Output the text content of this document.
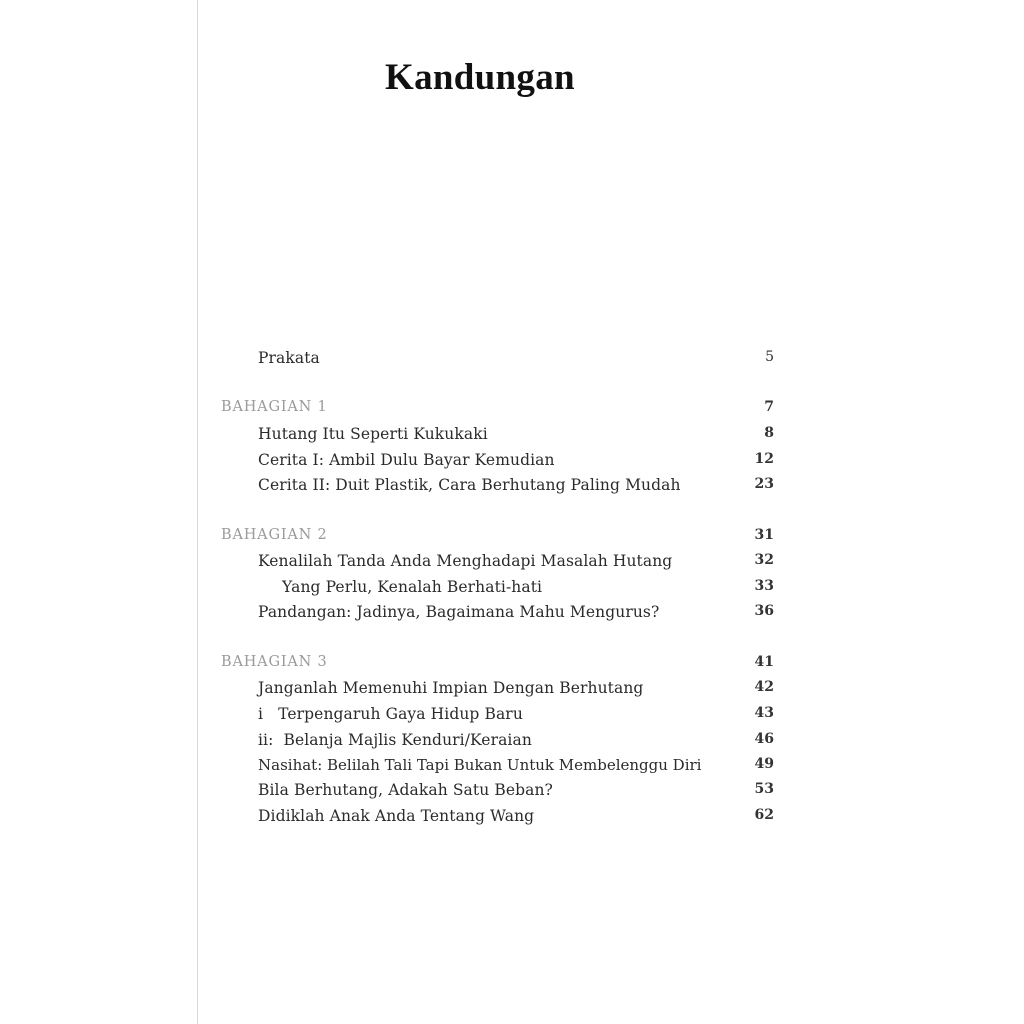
Kandungan
Prakata	5
BAHAGIAN 1	7
Hutang Itu Seperti Kukukaki	8
Cerita I: Ambil Dulu Bayar Kemudian	12
Cerita II: Duit Plastik, Cara Berhutang Paling Mudah	23
BAHAGIAN 2	31
Kenalilah Tanda Anda Menghadapi Masalah Hutang	32
Yang Perlu, Kenalah Berhati-hati	33
Pandangan: Jadinya, Bagaimana Mahu Mengurus?	36
BAHAGIAN 3	41
Janganlah Memenuhi Impian Dengan Berhutang	42
i   Terpengaruh Gaya Hidup Baru	43
ii:  Belanja Majlis Kenduri/Keraian	46
Nasihat: Belilah Tali Tapi Bukan Untuk Membelenggu Diri	49
Bila Berhutang, Adakah Satu Beban?	53
Didiklah Anak Anda Tentang Wang	62
